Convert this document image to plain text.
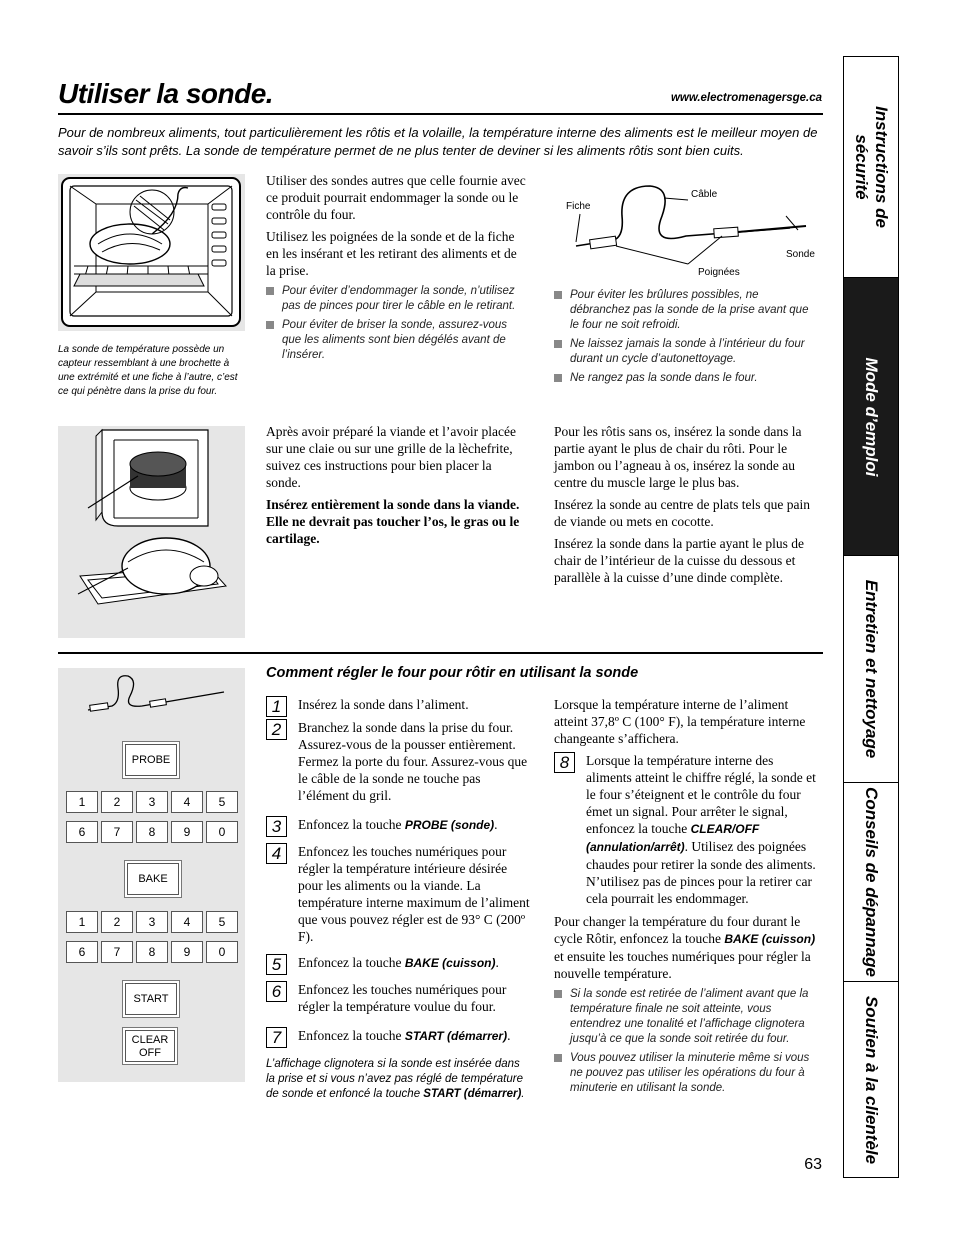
Utiliser la sonde.	www.electromenagersge.ca
Pour de nombreux aliments, tout particulièrement les rôtis et la volaille, la température interne des aliments est le meilleur moyen de savoir s’ils sont prêts. La sonde de température permet de ne plus tenter de deviner si les aliments rôtis sont bien cuits.
La sonde de température possède un capteur ressemblant à une brochette à une extrémité et une fiche à l’autre, c’est ce qui pénètre dans la prise du four.

Utiliser des sondes autres que celle fournie avec ce produit pourrait endommager la sonde ou le contrôle du four.

Utilisez les poignées de la sonde et de la fiche en les insérant et les retirant des aliments et de la prise.

Pour éviter d’endommager la sonde, n’utilisez pas de pinces pour tirer le câble en le retirant.
Pour éviter de briser la sonde, assurez-vous que les aliments sont bien dégélés avant de l’insérer.
Fiche
Câble
Sonde
Poignées
Pour éviter les brûlures possibles, ne débranchez pas la sonde de la prise avant que le four ne soit refroidi.
Ne laissez jamais la sonde à l’intérieur du four durant un cycle d’autonettoyage.
Ne rangez pas la sonde dans le four.

Après avoir préparé la viande et l’avoir placée sur une claie ou sur une grille de la lèchefrite, suivez ces instructions pour bien placer la sonde.

Insérez entièrement la sonde dans la viande. Elle ne devrait pas toucher l’os, le gras ou le cartilage.

Pour les rôtis sans os, insérez la sonde dans la partie ayant le plus de chair du rôti. Pour le jambon ou l’agneau à os, insérez la sonde au centre du muscle large le plus bas.

Insérez la sonde au centre de plats tels que pain de viande ou mets en cocotte.

Insérez la sonde dans la partie ayant le plus de chair de l’intérieur de la cuisse du dessous et parallèle à la cuisse d’une dinde complète.

PROBE
1	2	3	4	5
6	7	8	9	0
BAKE
1	2	3	4	5
6	7	8	9	0
START
CLEAR
OFF
Comment régler le four pour rôtir en utilisant la sonde
1	Insérez la sonde dans l’aliment.
2	Branchez la sonde dans la prise du four. Assurez-vous de la pousser entièrement. Fermez la porte du four. Assurez-vous que le câble de la sonde ne touche pas l’élément du gril.
3	Enfoncez la touche PROBE (sonde).
4	Enfoncez les touches numériques pour régler la température intérieure désirée pour les aliments ou la viande. La température interne maximum de l’aliment que vous pouvez régler est de 93° C (200º F).
5	Enfoncez la touche BAKE (cuisson).
6	Enfoncez les touches numériques pour régler la température voulue du four.
7	Enfoncez la touche START (démarrer).
L’affichage clignotera si la sonde est insérée dans la prise et si vous n’avez pas réglé de température de sonde et enfoncé la touche START (démarrer).

Lorsque la température interne de l’aliment atteint 37,8º C (100° F), la température interne changeante s’affichera.

8	Lorsque la température interne des aliments atteint le chiffre réglé, la sonde et le four s’éteignent et le contrôle du four émet un signal. Pour arrêter le signal, enfoncez la touche CLEAR/OFF (annulation/arrêt). Utilisez des poignées chaudes pour retirer la sonde des aliments. N’utilisez pas de pinces pour la retirer car cela pourrait les endommager.

Pour changer la température du four durant le cycle Rôtir, enfoncez la touche BAKE (cuisson) et ensuite les touches numériques pour régler la nouvelle température.

Si la sonde est retirée de l’aliment avant que la température finale ne soit atteinte, vous entendrez une tonalité et l’affichage clignotera jusqu’à ce que la sonde soit retirée du four.
Vous pouvez utiliser la minuterie même si vous ne pouvez pas utiliser les opérations du four à minuterie en utilisant la sonde.
63
Instructions de sécurité
Mode d’emploi
Entretien et nettoyage
Conseils de dépannage
Soutien à la clientèle
